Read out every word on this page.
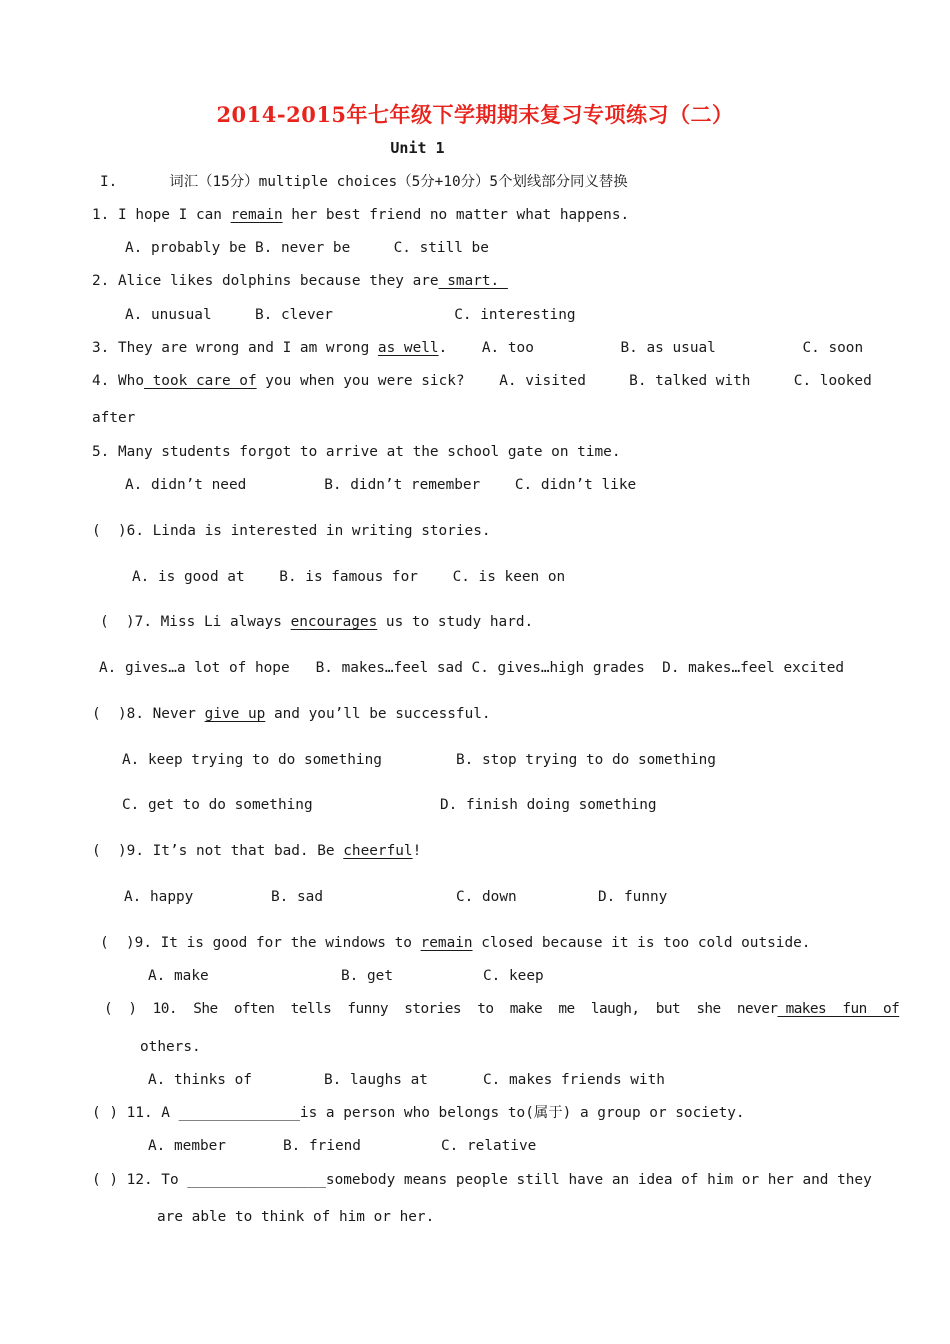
2014-2015年七年级下学期期末复习专项练习（二）
Unit 1
I.      词汇（15分）multiple choices（5分+10分）5个划线部分同义替换
1. I hope I can remain her best friend no matter what happens.
A. probably be B. never be     C. still be
2. Alice likes dolphins because they are smart.
A. unusual     B. clever              C. interesting
3. They are wrong and I am wrong as well.    A. too          B. as usual          C. soon
4. Who took care of you when you were sick?    A. visited     B. talked with     C. looked
after
5. Many students forgot to arrive at the school gate on time.
A. didn’t need         B. didn’t remember    C. didn’t like
(  )6. Linda is interested in writing stories.
A. is good at    B. is famous for    C. is keen on
(  )7. Miss Li always encourages us to study hard.
A. gives…a lot of hope   B. makes…feel sad C. gives…high grades  D. makes…feel excited
(  )8. Never give up and you’ll be successful.
A. keep trying to do something	B. stop trying to do something
C. get to do something	D. finish doing something
(  )9. It’s not that bad. Be cheerful!
A. happy	B. sad	C. down	D. funny
(  )9. It is good for the windows to remain closed because it is too cold outside.
A. make	B. get	C. keep
(  )  10.  She  often  tells  funny  stories  to  make  me  laugh,  but  she  never makes  fun  of
others.
A. thinks of	B. laughs at	C. makes friends with
( ) 11. A ______________is a person who belongs to(属于) a group or society.
A. member	B. friend	C. relative
( ) 12. To ________________somebody means people still have an idea of him or her and they
are able to think of him or her.
